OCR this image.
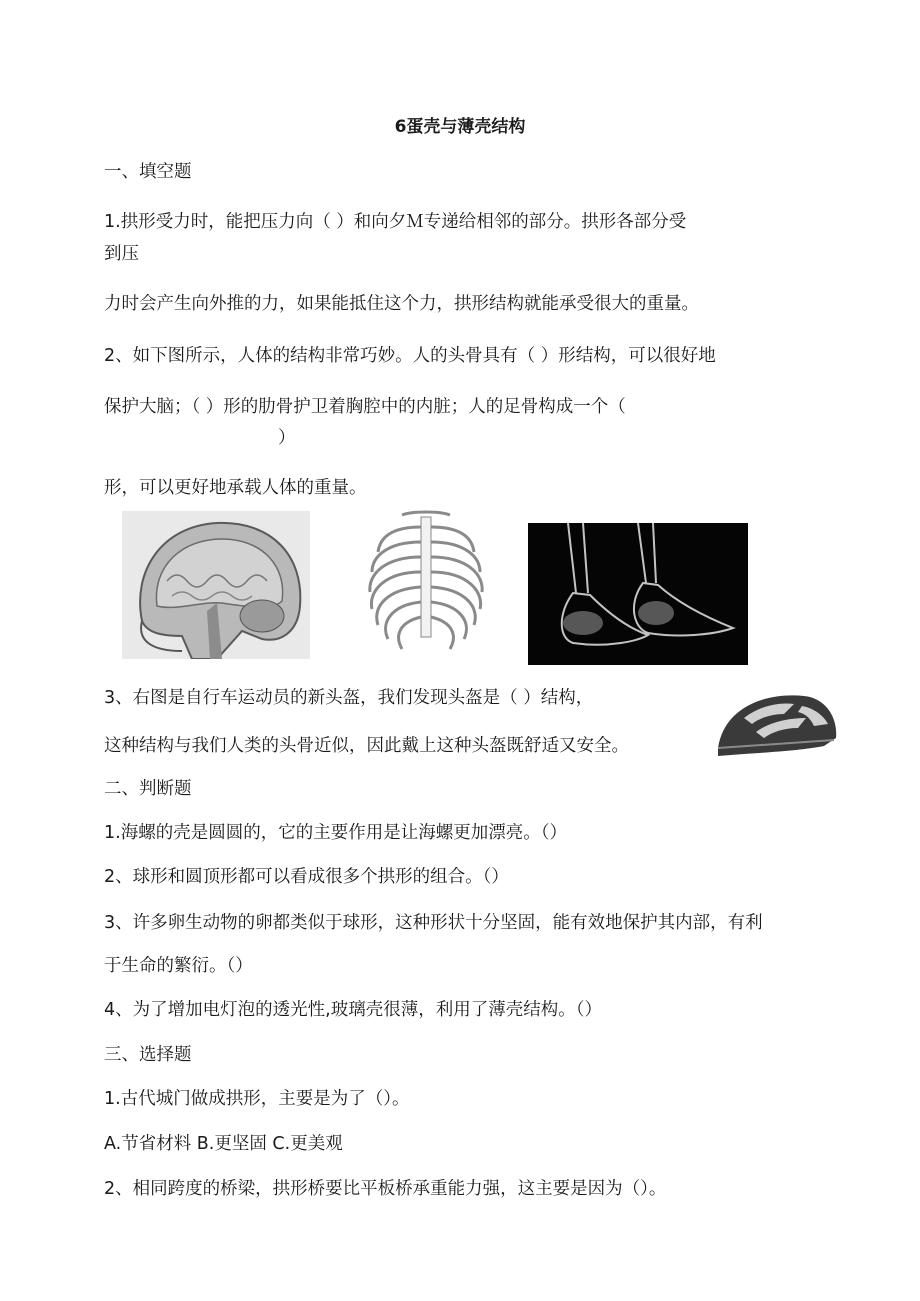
6蛋壳与薄壳结构
一、填空题
1.拱形受力时，能把压力向（ ）和向夕Ｍ专递给相邻的部分。拱形各部分受
到压
力时会产生向外推的力，如果能抵住这个力，拱形结构就能承受很大的重量。
2、如下图所示，人体的结构非常巧妙。人的头骨具有（ ）形结构，可以很好地
保护大脑；（ ）形的肋骨护卫着胸腔中的内脏；人的足骨构成一个（
）
形，可以更好地承载人体的重量。
3、右图是自行车运动员的新头盔，我们发现头盔是（ ）结构，
这种结构与我们人类的头骨近似，因此戴上这种头盔既舒适又安全。
二、判断题
1.海螺的壳是圆圆的，它的主要作用是让海螺更加漂亮。（）
2、球形和圆顶形都可以看成很多个拱形的组合。（）
3、许多卵生动物的卵都类似于球形，这种形状十分坚固，能有效地保护其内部，有利
于生命的繁衍。（）
4、为了增加电灯泡的透光性,玻璃壳很薄，利用了薄壳结构。（）
三、选择题
1.古代城门做成拱形，主要是为了（）。
A.节省材料 B.更坚固 C.更美观
2、相同跨度的桥梁，拱形桥要比平板桥承重能力强，这主要是因为（）。
